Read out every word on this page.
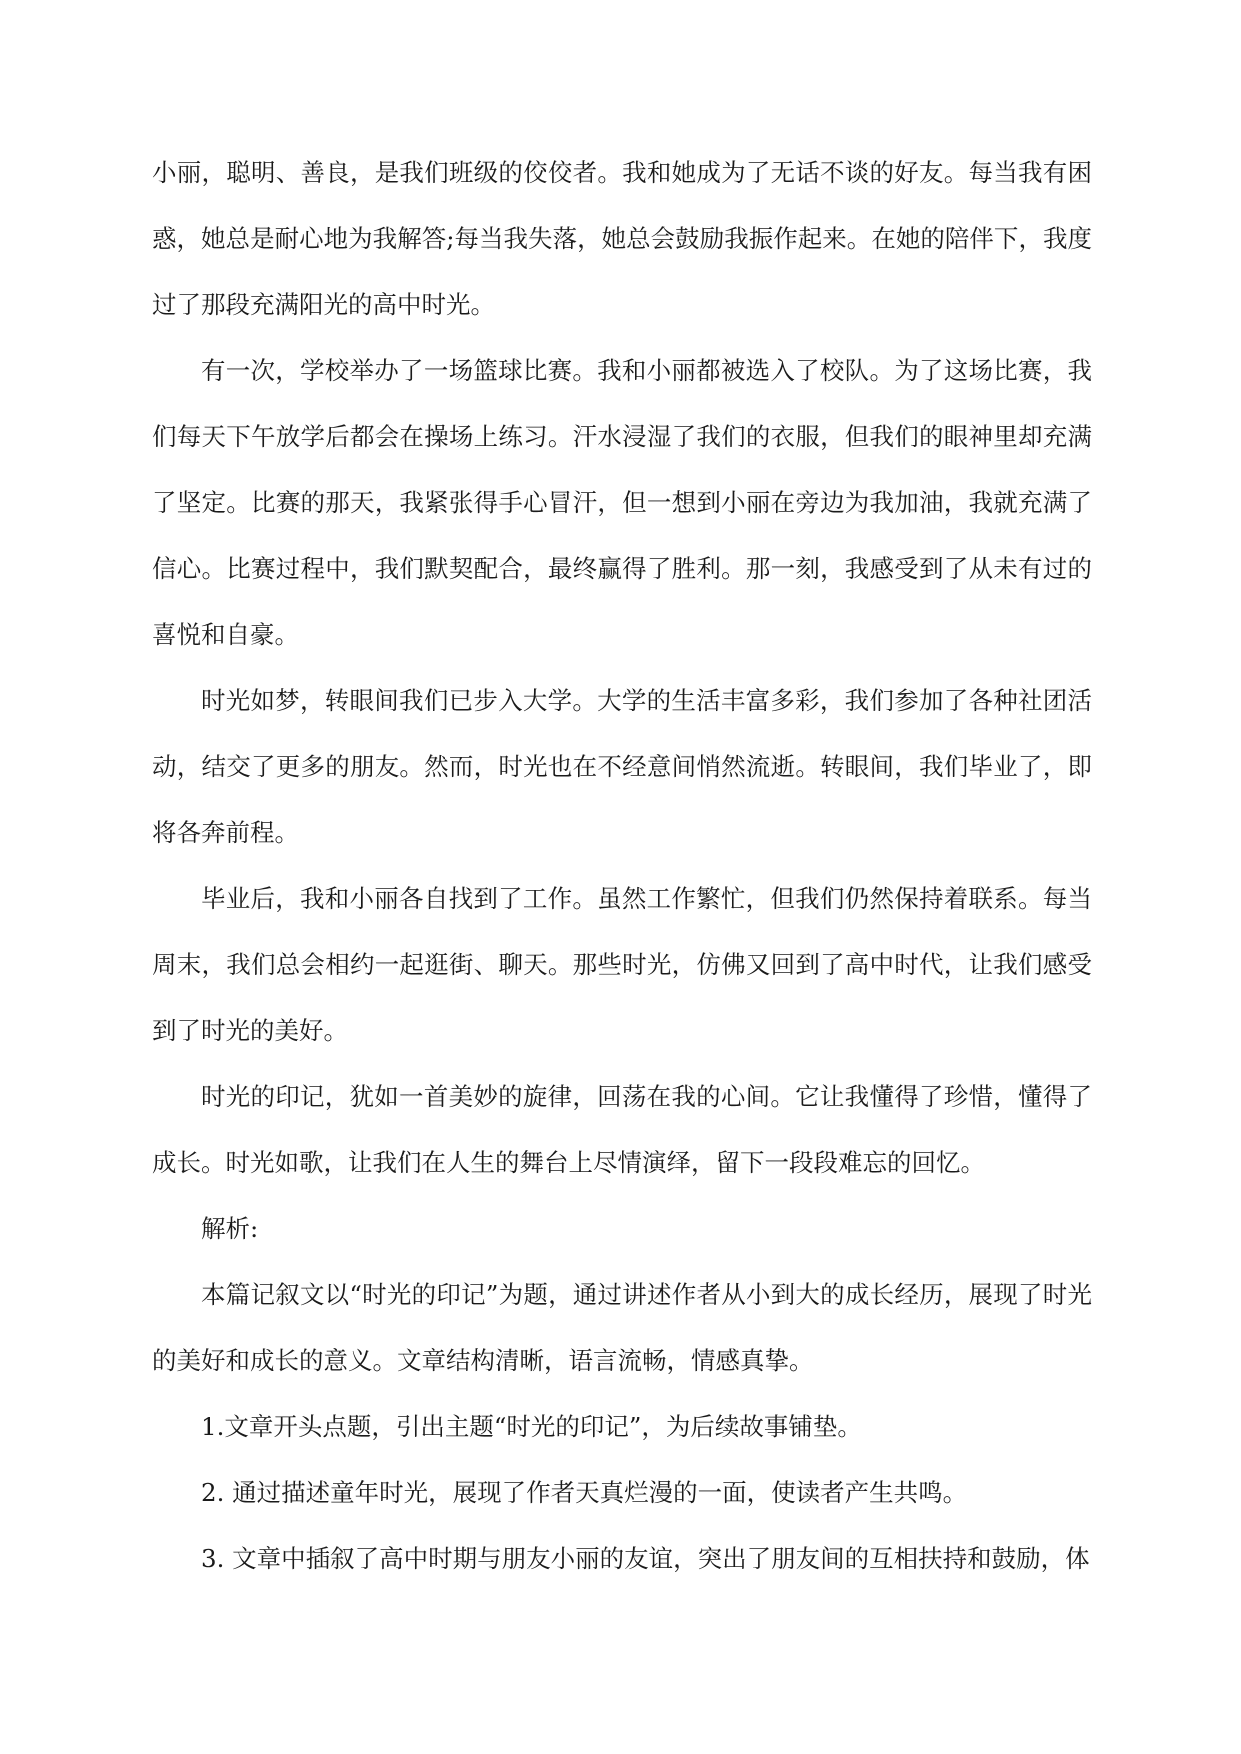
小丽，聪明、善良，是我们班级的佼佼者。我和她成为了无话不谈的好友。每当我有困惑，她总是耐心地为我解答;每当我失落，她总会鼓励我振作起来。在她的陪伴下，我度过了那段充满阳光的高中时光。

有一次，学校举办了一场篮球比赛。我和小丽都被选入了校队。为了这场比赛，我们每天下午放学后都会在操场上练习。汗水浸湿了我们的衣服，但我们的眼神里却充满了坚定。比赛的那天，我紧张得手心冒汗，但一想到小丽在旁边为我加油，我就充满了信心。比赛过程中，我们默契配合，最终赢得了胜利。那一刻，我感受到了从未有过的喜悦和自豪。

时光如梦，转眼间我们已步入大学。大学的生活丰富多彩，我们参加了各种社团活动，结交了更多的朋友。然而，时光也在不经意间悄然流逝。转眼间，我们毕业了，即将各奔前程。

毕业后，我和小丽各自找到了工作。虽然工作繁忙，但我们仍然保持着联系。每当周末，我们总会相约一起逛街、聊天。那些时光，仿佛又回到了高中时代，让我们感受到了时光的美好。

时光的印记，犹如一首美妙的旋律，回荡在我的心间。它让我懂得了珍惜，懂得了成长。时光如歌，让我们在人生的舞台上尽情演绎，留下一段段难忘的回忆。

解析:

本篇记叙文以“时光的印记”为题，通过讲述作者从小到大的成长经历，展现了时光的美好和成长的意义。文章结构清晰，语言流畅，情感真挚。

1.文章开头点题，引出主题“时光的印记”，为后续故事铺垫。

2. 通过描述童年时光，展现了作者天真烂漫的一面，使读者产生共鸣。

3. 文章中插叙了高中时期与朋友小丽的友谊，突出了朋友间的互相扶持和鼓励，体
